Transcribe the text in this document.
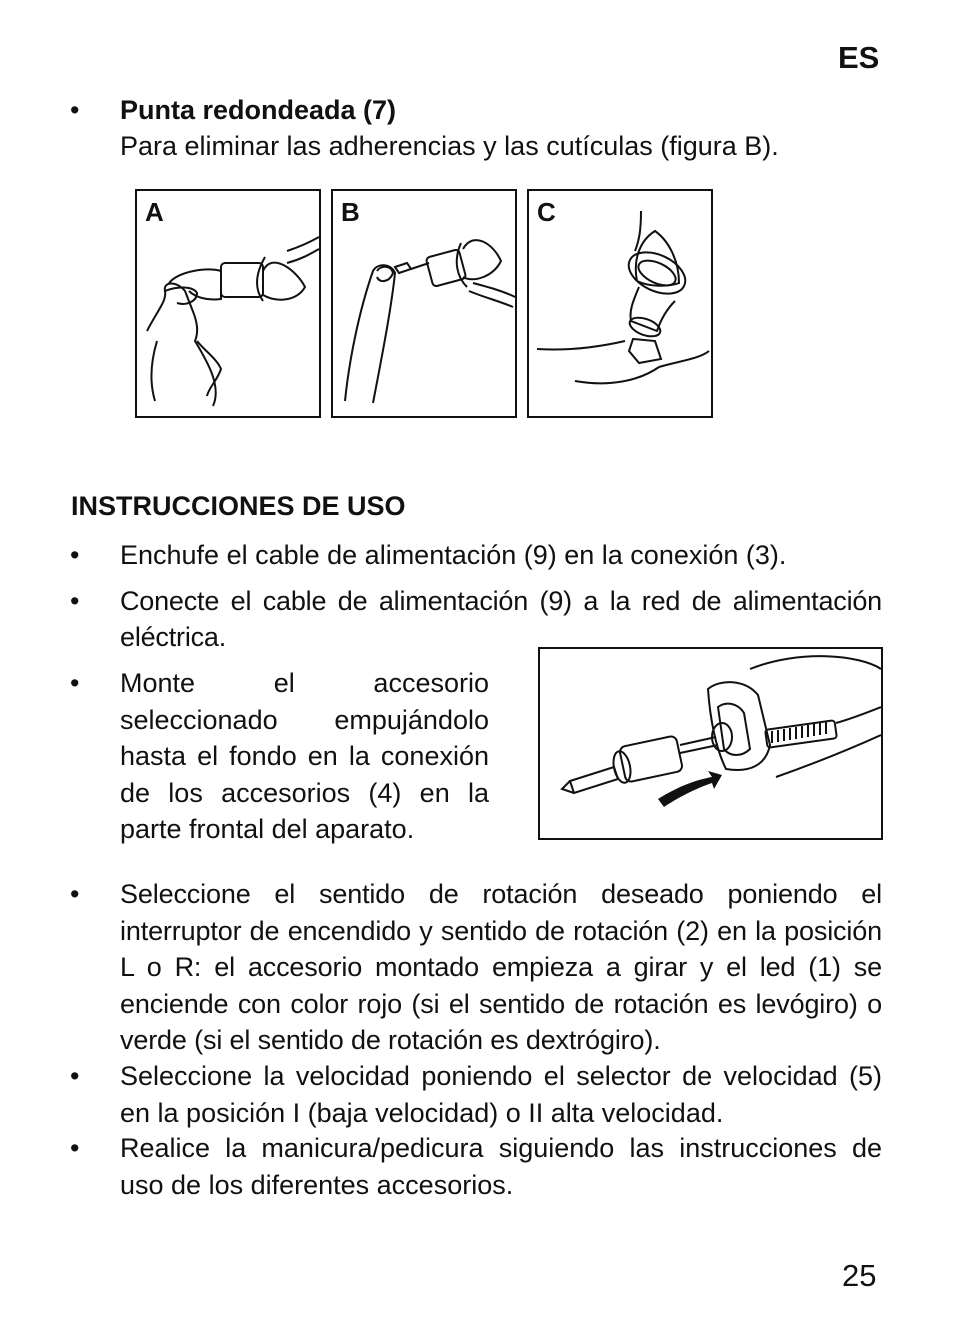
ES
• Punta redondeada (7)
Para eliminar las adherencias y las cutículas (figura B).
A	B	C
INSTRUCCIONES DE USO
• Enchufe el cable de alimentación (9) en la conexión (3).
• Conecte el cable de alimentación (9) a la red de alimentación eléctrica.
• Monte el accesorio seleccionado empujándolo hasta el fondo en la conexión de los accesorios (4) en la parte frontal del aparato.
• Seleccione el sentido de rotación deseado poniendo el interruptor de encendido y sentido de rotación (2) en la posición L o R: el accesorio montado empieza a girar y el led (1) se enciende con color rojo (si el sentido de rotación es levógiro) o verde (si el sentido de rotación es dextrógiro).
• Seleccione la velocidad poniendo el selector de velocidad (5) en la posición I (baja velocidad) o II alta velocidad.
• Realice la manicura/pedicura siguiendo las instrucciones de uso de los diferentes accesorios.
25
